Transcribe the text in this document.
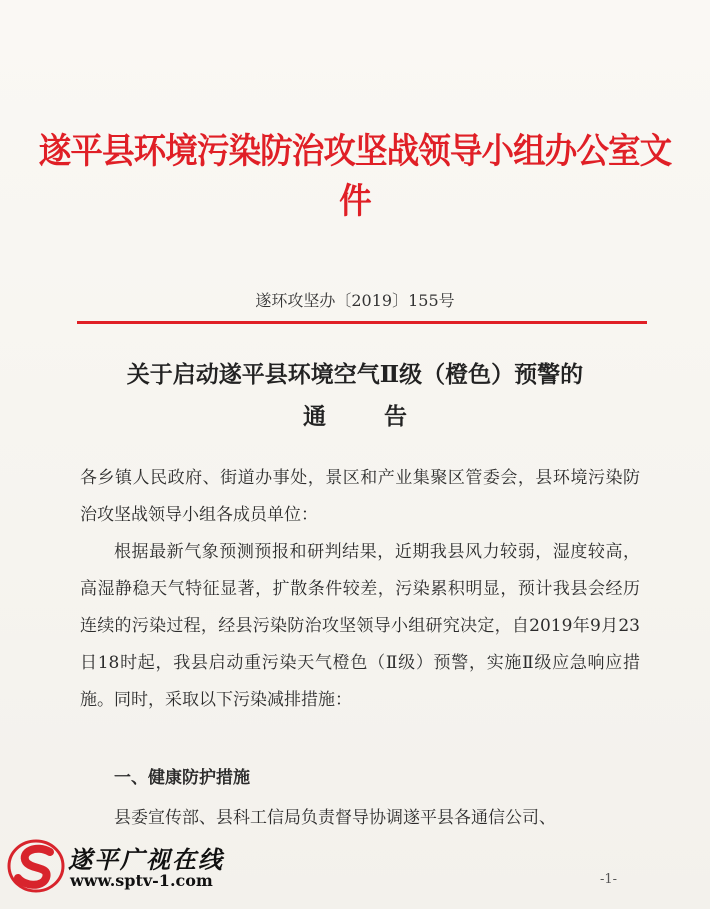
遂平县环境污染防治攻坚战领导小组办公室文件
遂环攻坚办〔2019〕155号
关于启动遂平县环境空气Ⅱ级（橙色）预警的
通告
各乡镇人民政府、街道办事处，景区和产业集聚区管委会，县环境污染防治攻坚战领导小组各成员单位：
根据最新气象预测预报和研判结果，近期我县风力较弱，湿度较高，高湿静稳天气特征显著，扩散条件较差，污染累积明显，预计我县会经历连续的污染过程，经县污染防治攻坚领导小组研究决定，自2019年9月23日18时起，我县启动重污染天气橙色（Ⅱ级）预警，实施Ⅱ级应急响应措施。同时，采取以下污染减排措施：
一、健康防护措施
县委宣传部、县科工信局负责督导协调遂平县各通信公司、
-1-
遂平广视在线
www.sptv-1.com
